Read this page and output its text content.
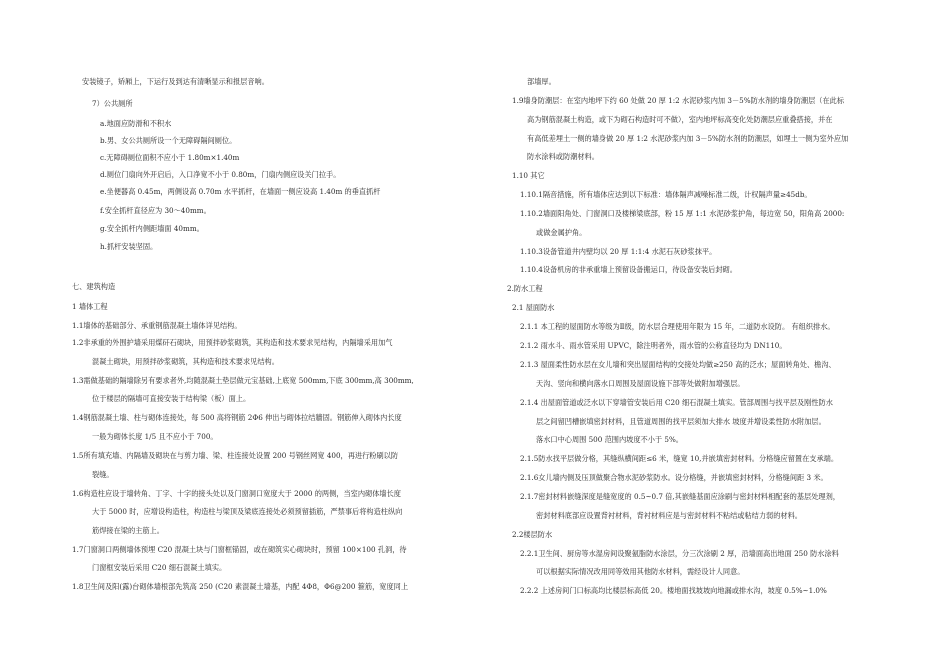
安装镜子，矫厢上，下运行及到达有清晰显示和报层音响。

7）公共厕所

a.地面应防滑和不积水

b.男、女公共厕所设一个无障碍隔间厕位。

c.无障碍厕位面积不应小于 1.80m×1.40m

d.厕位门扇向外开启后，入口净宽不小于 0.80m，门扇内侧应设关门拉手。

e.坐便器高 0.45m，两侧设高 0.70m 水平抓杆，在墙面一侧应设高 1.40m 的垂直抓杆

f.安全抓杆直径应为 30～40mm。

g.安全抓杆内侧距墙面 40mm。

h.抓杆安装坚固。

七、建筑构造

1 墙体工程

1.1墙体的基础部分、承重钢筋混凝土墙体详见结构。

1.2非承重的外围护墙采用煤矸石砌块，用预拌砂浆砌筑，其构造和技术要求见结构，内隔墙采用加气

混凝土砌块，用预拌砂浆砌筑，其构造和技术要求见结构。

1.3需做基础的隔墙除另有要求者外,均随混凝土垫层做元宝基础,上底宽 500mm,下底 300mm,高 300mm,

位于楼层的隔墙可直接安装于结构梁（板）面上。

1.4钢筋混凝土墙、柱与砌体连接处，每 500 高将钢筋 2Φ6 伸出与砌体拉结牆固。钢筋伸入砌体内长度

一般为砌体长度 1/5 且不应小于 700。

1.5所有填充墙、内隔墙及砌块在与剪力墙、梁、柱连接处设置 200 号钢丝网宽 400，再进行粉刷以防

裂缝。

1.6构造柱应设于墙转角、丁字、十字的接头处以及门窗洞口宽度大于 2000 的两侧，当室内砌体墙长度

大于 5000 时，应增设构造柱，构造柱与梁顶及梁底连接处必须预留插筋，严禁事后将构造柱纵向

筋焊接在梁的主筋上。

1.7门窗洞口两侧墙体预埋 C20 混凝土块与门窗框锚固，或在砌筑实心砌块时，预留 100×100 孔洞，待

门窗框安装后采用 C20 细石混凝土填实。

1.8卫生间及阳(露)台砌体墙根部先筑高 250 (C20 素混凝土墙基，内配 4Φ8，Φ6@200 箍筋，宽度同上

部墙厚。

1.9墙身防潮层：在室内地坪下约 60 处做 20 厚 1:2 水泥砂浆内加 3－5%防水剂的墙身防潮层（在此标

高为钢筋混凝土构造，或下为砌石构造时可不做），室内地坪标高变化处防潮层应重叠搭接，并在

有高低差埋土一侧的墙身做 20 厚 1:2 水泥砂浆内加 3－5%防水剂的防潮层，如埋土一侧为室外应加

防水涂料或防潮材料。

1.10 其它

1.10.1隔音措施，所有墙体应达到以下标准：墙体隔声减噪标准二级，计权隔声量≥45db。

1.10.2墙面阳角处、门窗洞口及楼梯梁底部，粉 15 厚 1:1 水泥砂浆护角，每边宽 50，阳角高 2000:

或做金属护角。

1.10.3设备管道井内壁均以 20 厚 1:1:4 水泥石灰砂浆抹平。

1.10.4设备机房的非承重墙上预留设备搬运口，待设备安装后封砌。

2.防水工程

2.1 屋面防水

2.1.1 本工程的屋面防水等级为Ⅱ级，防水层合理使用年限为 15 年，二道防水设防。 有组织排水。

2.1.2 雨水斗、雨水管采用 UPVC，除注明者外，雨水管的公称直径均为 DN110。

2.1.3 屋面柔性防水层在女儿墙和突出屋面结构的交接处均做≥250 高的泛水；屋面转角处、檐沟、

天沟、竖向和横向落水口周围及屋面设施下部等处做附加增强层。

2.1.4 出屋面管道或泛水以下穿墙管安装后用 C20 细石混凝土填实。管部周围与找平层及刚性防水

层之间留凹槽嵌填密封材料，且管道周围的找平层须加大排水 坡度并增设柔性防水附加层。

落水口中心周围 500 范围内坡度不小于 5%。

2.1.5防水找平层做分格，其缝纵横间距≤6 米，缝宽 10,并嵌填密封材料。分格缝应留置在支承端。

2.1.6女儿墙内侧及压顶做聚合物水泥砂浆防水。设分格缝，并嵌填密封材料，分格缝间距 3 米。

2.1.7密封材料嵌缝深度是缝宽度的 0.5~0.7 倍,其嵌缝基面应涂刷与密封材料相配套的基层处理剂，

密封材料底部应设置背衬材料，背衬材料应是与密封材料不粘结或粘结力弱的材料。

2.2楼层防水

2.2.1卫生间、厨房等水湿房间设聚氨脂防水涂层，分三次涂刷 2 厚，沿墙面高出地面 250 防水涂料

可以根据实际情况改用同等效用其他防水材料，需经设计人同意。

2.2.2 上述房间门口标高均比楼层标高低 20。楼地面找坡坡向地漏或排水沟，坡度 0.5%~1.0%
